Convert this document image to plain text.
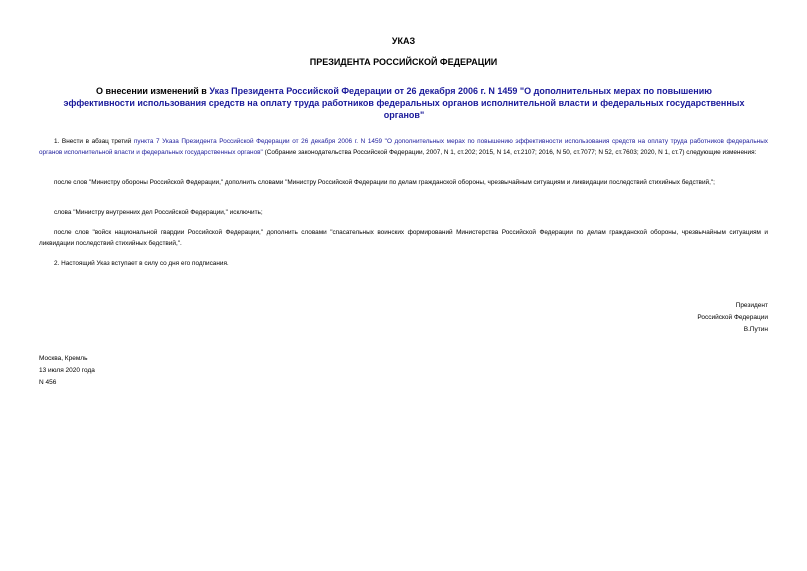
УКАЗ
ПРЕЗИДЕНТА РОССИЙСКОЙ ФЕДЕРАЦИИ
О внесении изменений в Указ Президента Российской Федерации от 26 декабря 2006 г. N 1459 "О дополнительных мерах по повышению эффективности использования средств на оплату труда работников федеральных органов исполнительной власти и федеральных государственных органов"

1. Внести в абзац третий пункта 7 Указа Президента Российской Федерации от 26 декабря 2006 г. N 1459 "О дополнительных мерах по повышению эффективности использования средств на оплату труда работников федеральных органов исполнительной власти и федеральных государственных органов" (Собрание законодательства Российской Федерации, 2007, N 1, ст.202; 2015, N 14, ст.2107; 2016, N 50, ст.7077; N 52, ст.7603; 2020, N 1, ст.7) следующие изменения:

после слов "Министру обороны Российской Федерации," дополнить словами "Министру Российской Федерации по делам гражданской обороны, чрезвычайным ситуациям и ликвидации последствий стихийных бедствий,";

слова "Министру внутренних дел Российской Федерации," исключить;

после слов "войск национальной гвардии Российской Федерации," дополнить словами "спасательных воинских формирований Министерства Российской Федерации по делам гражданской обороны, чрезвычайным ситуациям и ликвидации последствий стихийных бедствий,".

2. Настоящий Указ вступает в силу со дня его подписания.

Президент
Российской Федерации
В.Путин
Москва, Кремль
13 июля 2020 года
N 456
